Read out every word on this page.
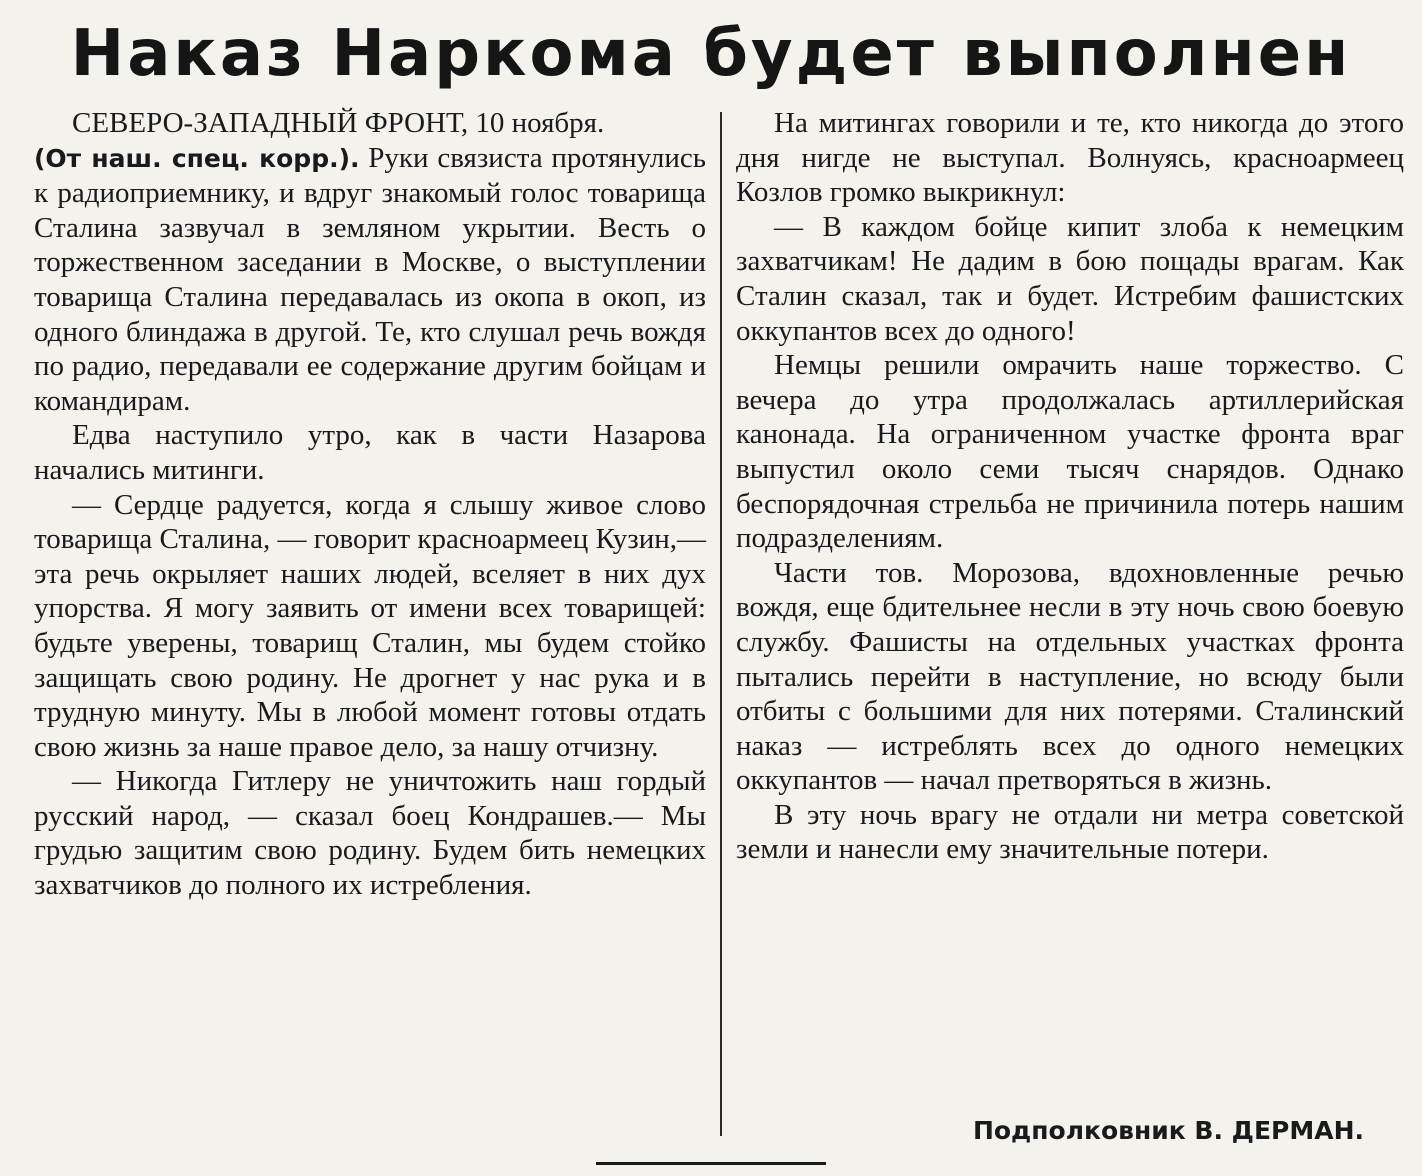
Наказ Наркома будет выполнен

СЕВЕРО-ЗАПАДНЫЙ ФРОНТ, 10 ноября.
(От наш. спец. корр.). Руки связиста протянулись к радиоприемнику, и вдруг знакомый голос товарища Сталина зазвучал в земляном укрытии. Весть о торжественном заседании в Москве, о выступлении товарища Сталина передавалась из окопа в окоп, из одного блиндажа в другой. Те, кто слушал речь вождя по радио, передавали ее содержание другим бойцам и командирам.

Едва наступило утро, как в части Назарова начались митинги.

— Сердце радуется, когда я слышу живое слово товарища Сталина, — говорит красноармеец Кузин,—эта речь окрыляет наших людей, вселяет в них дух упорства. Я могу заявить от имени всех товарищей: будьте уверены, товарищ Сталин, мы будем стойко защищать свою родину. Не дрогнет у нас рука и в трудную минуту. Мы в любой момент готовы отдать свою жизнь за наше правое дело, за нашу отчизну.

— Никогда Гитлеру не уничтожить наш гордый русский народ, — сказал боец Кондрашев.— Мы грудью защитим свою родину. Будем бить немецких захватчиков до полного их истребления.

На митингах говорили и те, кто никогда до этого дня нигде не выступал. Волнуясь, красноармеец Козлов громко выкрикнул:

— В каждом бойце кипит злоба к немецким захватчикам! Не дадим в бою пощады врагам. Как Сталин сказал, так и будет. Истребим фашистских оккупантов всех до одного!

Немцы решили омрачить наше торжество. С вечера до утра продолжалась артиллерийская канонада. На ограниченном участке фронта враг выпустил около семи тысяч снарядов. Однако беспорядочная стрельба не причинила потерь нашим подразделениям.

Части тов. Морозова, вдохновленные речью вождя, еще бдительнее несли в эту ночь свою боевую службу. Фашисты на отдельных участках фронта пытались перейти в наступление, но всюду были отбиты с большими для них потерями. Сталинский наказ — истреблять всех до одного немецких оккупантов — начал претворяться в жизнь.

В эту ночь врагу не отдали ни метра советской земли и нанесли ему значительные потери.

Подполковник В. ДЕРМАН.
